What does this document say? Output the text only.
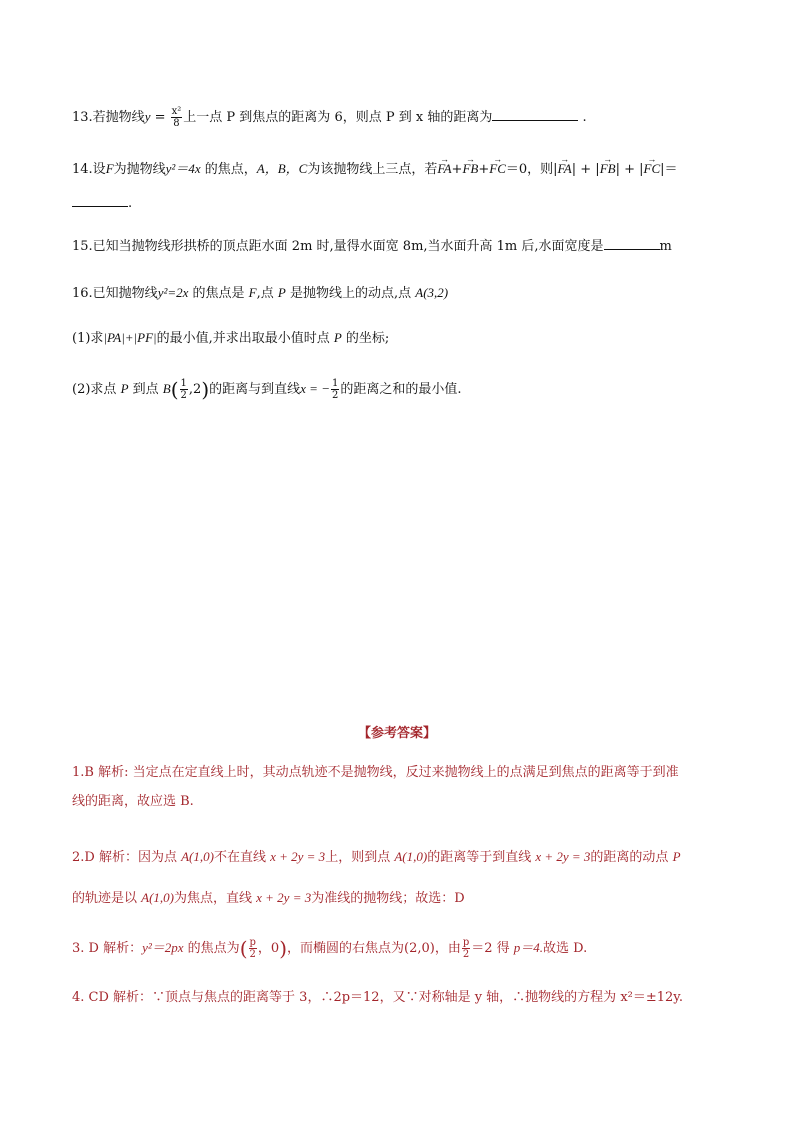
13.若抛物线$y = \frac{\text{x²}}{8}$ 上一点 P 到焦点的距离为 6，则点 P 到 x 轴的距离为	.
14.设F为抛物线y²＝4x 的焦点，A，B，C为该抛物线上三点，若→ FA+→ FB+→ FC＝0，则|→ FA| + |→ FB| + |→ FC|＝
.
15.已知当抛物线形拱桥的顶点距水面 2m 时,量得水面宽 8m,当水面升高 1m 后,水面宽度是	m
16.已知抛物线y²=2x 的焦点是 F,点 P 是抛物线上的动点,点 A(3,2)
(1)求|PA|+|PF|的最小值,并求出取最小值时点 P 的坐标;
(2)求点 P 到点 $B( \frac{1}{2} ,2)$的距离与到直线x = − $\frac{1}{2}$ 的距离之和的最小值.
【参考答案】
1.B 解析: 当定点在定直线上时，其动点轨迹不是抛物线，反过来抛物线上的点满足到焦点的距离等于到准
线的距离，故应选 B.
2.D 解析：因为点 A(1,0)不在直线 x + 2y = 3上，则到点 A(1,0)的距离等于到直线 x + 2y = 3的距离的动点 P
的轨迹是以 A(1,0)为焦点，直线 x + 2y = 3为准线的抛物线；故选：D
3. D 解析：y²＝2px 的焦点为( $\frac{p}{2}$ ，0)，而椭圆的右焦点为(2,0)，由 $\frac{p}{2} =2$ 得 p＝4.故选 D.
4. CD 解析：∵顶点与焦点的距离等于 3，∴2p＝12，又∵对称轴是 y 轴，∴抛物线的方程为 x²＝±12y.
